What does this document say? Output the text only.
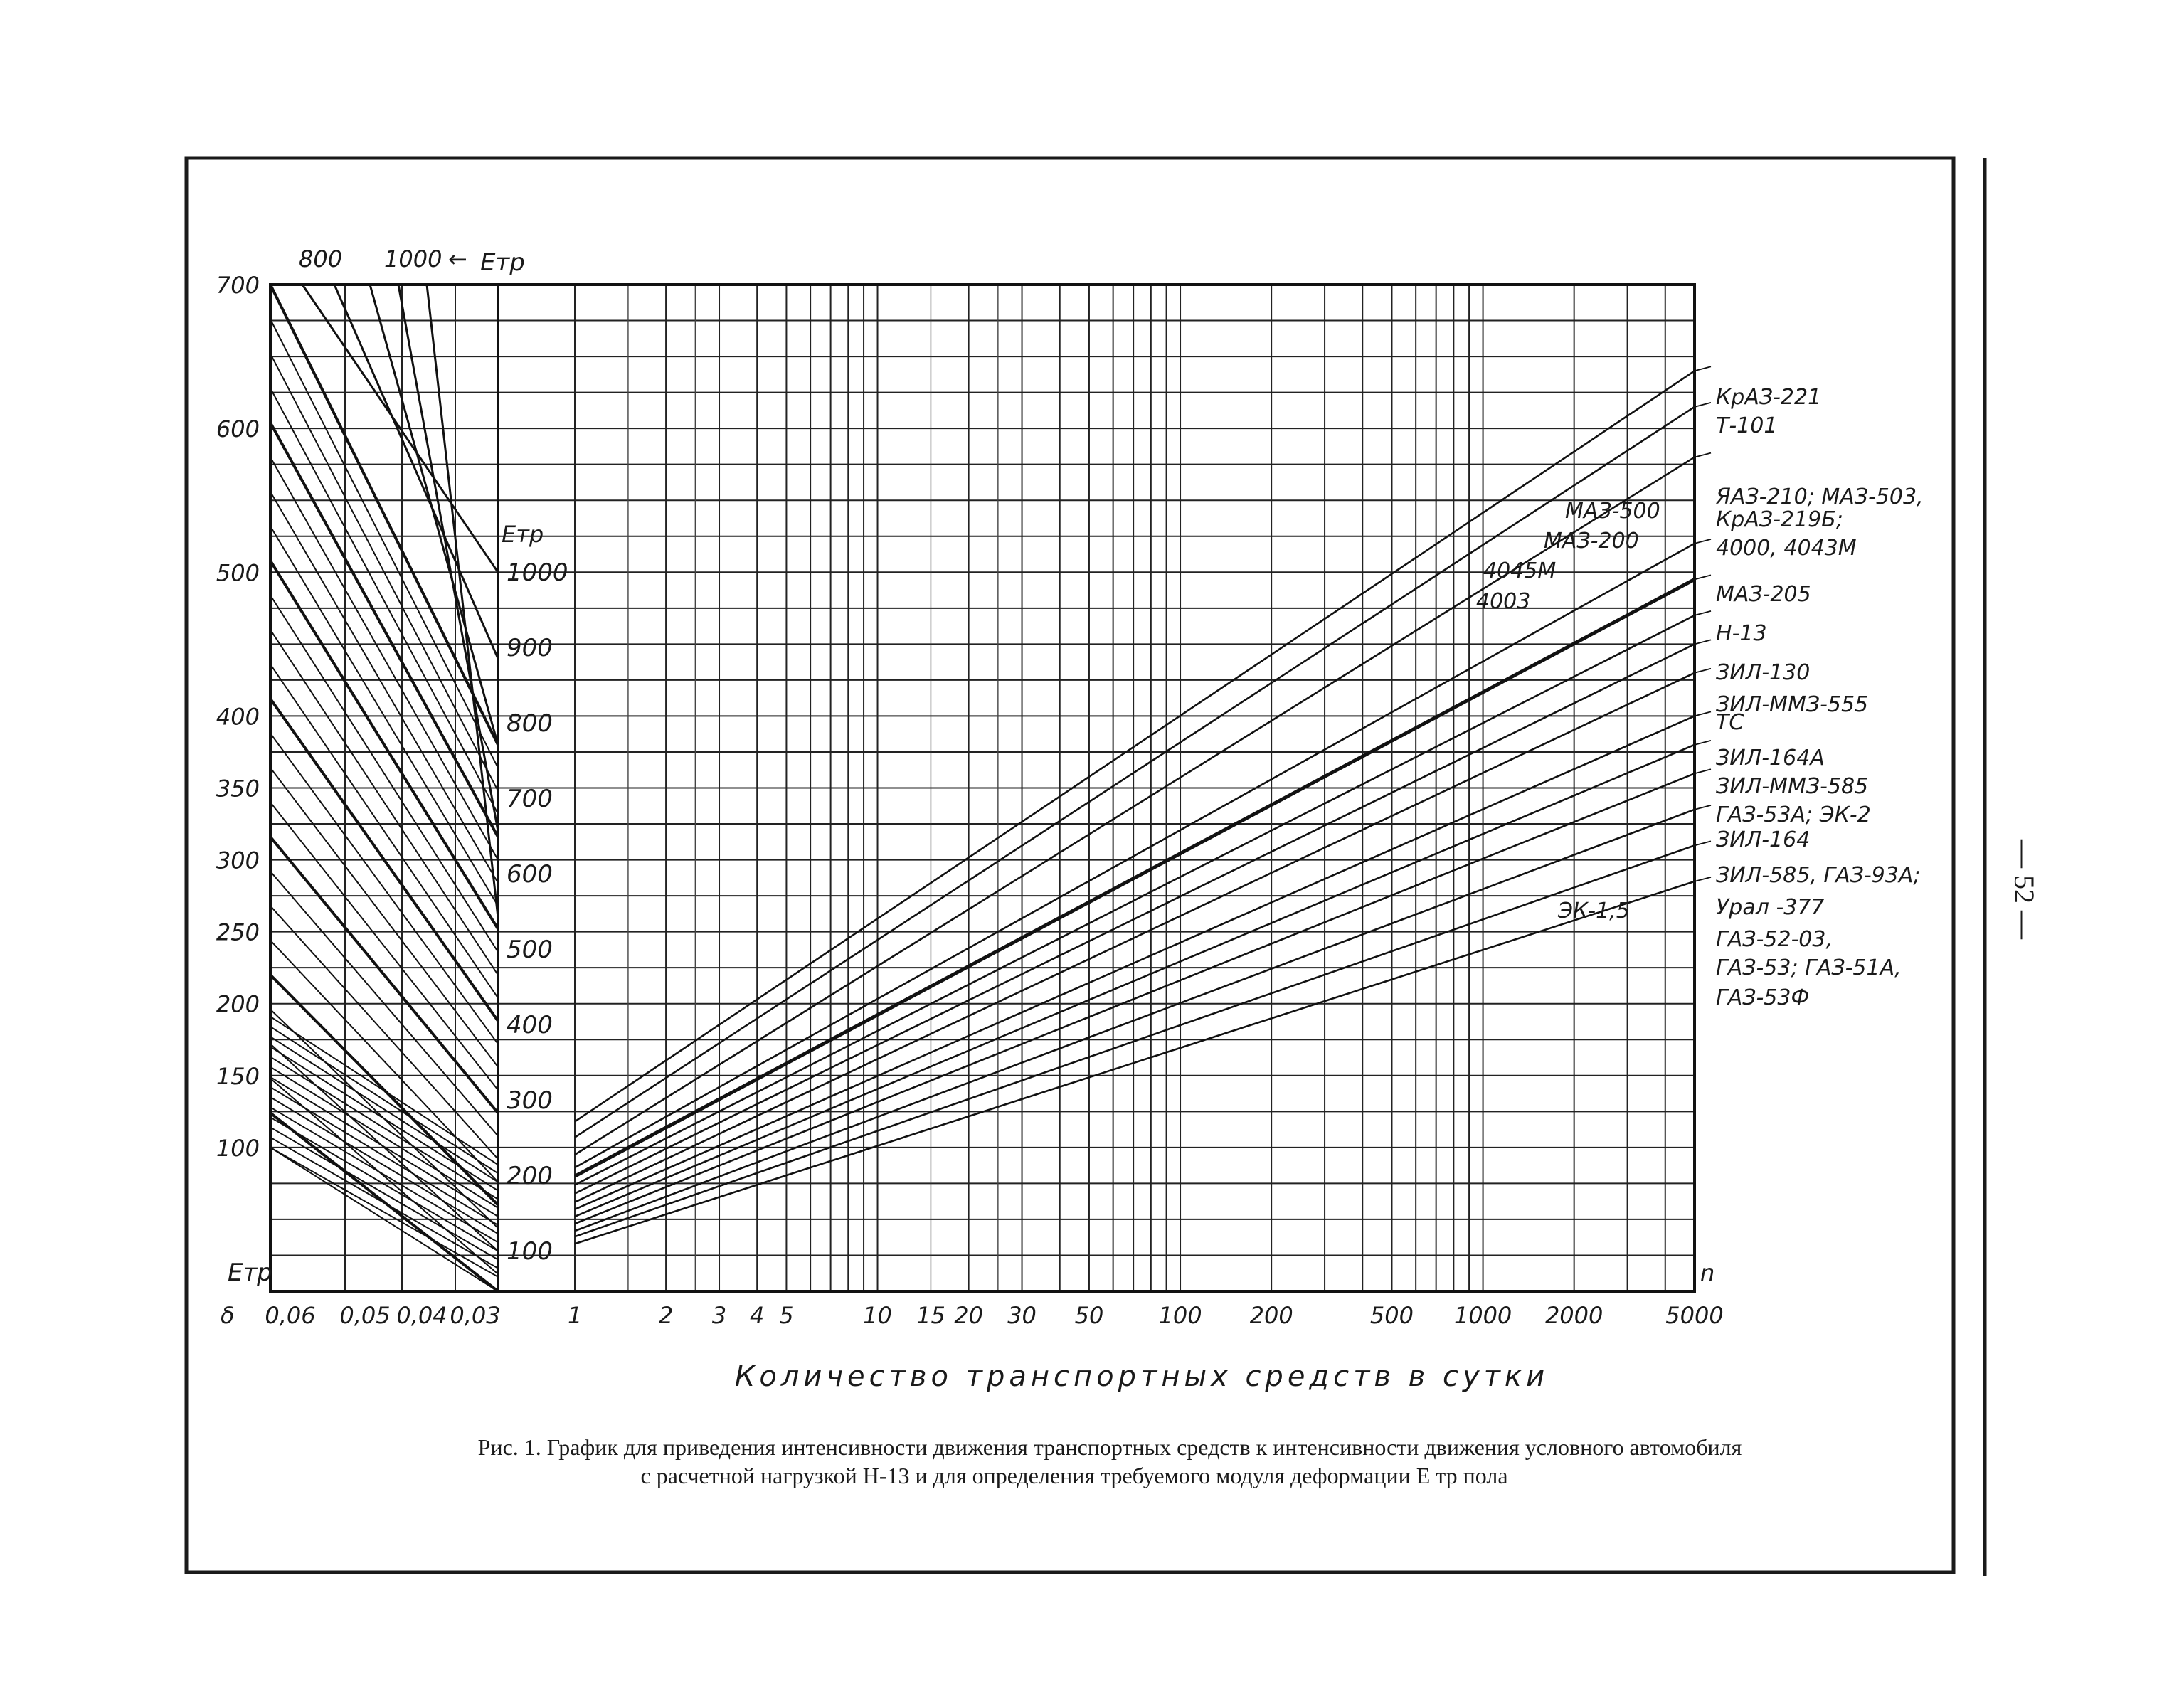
100
150
200
250
300
350
400
500
600
700
Eтр
100
200
300
400
500
600
700
800
900
1000
Eтр
1	2 3 4 5	10 15 20 30 50 100 200	500 1000 2000	5000
n
δ 0,06 0,05 0,04 0,03
800 1000 ← Eтр
МАЗ-500
МАЗ-200
4045М
4003
ЭК-1,5
КрАЗ-221
Т-101
ЯАЗ-210; МАЗ-503,
КрАЗ-219Б;
4000, 4043М
МАЗ-205
Н-13
ЗИЛ-130
ЗИЛ-ММЗ-555
ТС
ЗИЛ-164А
ЗИЛ-ММЗ-585
ГАЗ-53А; ЭК-2
ЗИЛ-164
ЗИЛ-585, ГАЗ-93А;
Урал -377
ГАЗ-52-03,
ГАЗ-53; ГАЗ-51А,
ГАЗ-53Ф
Количество транспортных средств в сутки
Рис. 1. График для приведения интенсивности движения транспортных средств к интенсивности движения условного автомобиля
с расчетной нагрузкой Н-13 и для определения требуемого модуля деформации E тр пола
— 52 —
